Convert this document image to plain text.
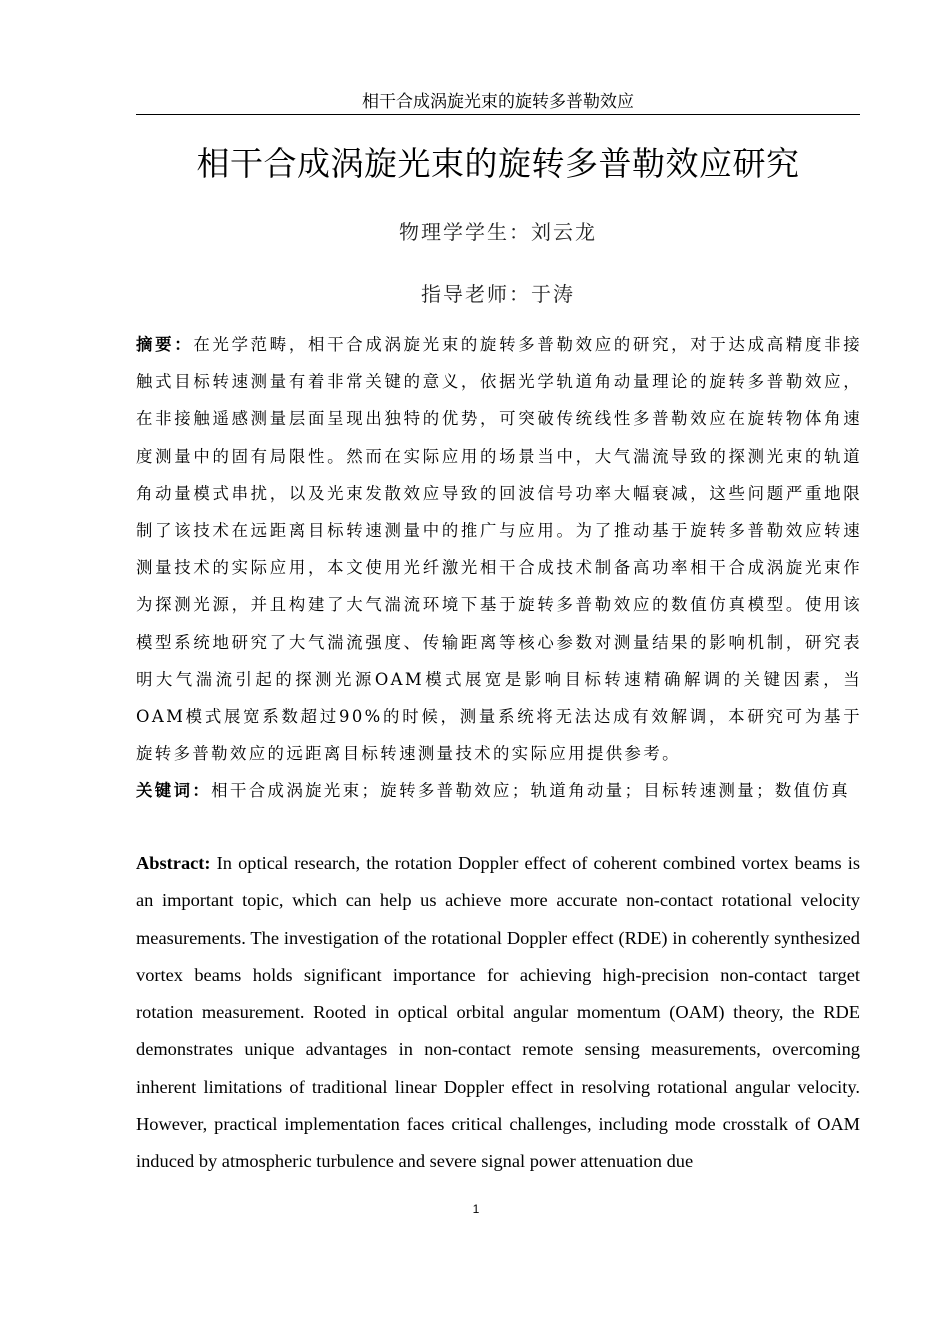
相干合成涡旋光束的旋转多普勒效应
相干合成涡旋光束的旋转多普勒效应研究
物理学学生：刘云龙
指导老师：于涛
摘要：在光学范畴，相干合成涡旋光束的旋转多普勒效应的研究，对于达成高精度非接触式目标转速测量有着非常关键的意义，依据光学轨道角动量理论的旋转多普勒效应，在非接触遥感测量层面呈现出独特的优势，可突破传统线性多普勒效应在旋转物体角速度测量中的固有局限性。然而在实际应用的场景当中，大气湍流导致的探测光束的轨道角动量模式串扰，以及光束发散效应导致的回波信号功率大幅衰减，这些问题严重地限制了该技术在远距离目标转速测量中的推广与应用。为了推动基于旋转多普勒效应转速测量技术的实际应用，本文使用光纤激光相干合成技术制备高功率相干合成涡旋光束作为探测光源，并且构建了大气湍流环境下基于旋转多普勒效应的数值仿真模型。使用该模型系统地研究了大气湍流强度、传输距离等核心参数对测量结果的影响机制，研究表明大气湍流引起的探测光源OAM模式展宽是影响目标转速精确解调的关键因素，当OAM模式展宽系数超过90%的时候，测量系统将无法达成有效解调，本研究可为基于旋转多普勒效应的远距离目标转速测量技术的实际应用提供参考。
关键词：相干合成涡旋光束；旋转多普勒效应；轨道角动量；目标转速测量；数值仿真
Abstract: In optical research, the rotation Doppler effect of coherent combined vortex beams is an important topic, which can help us achieve more accurate non-contact rotational velocity measurements. The investigation of the rotational Doppler effect (RDE) in coherently synthesized vortex beams holds significant importance for achieving high-precision non-contact target rotation measurement. Rooted in optical orbital angular momentum (OAM) theory, the RDE demonstrates unique advantages in non-contact remote sensing measurements, overcoming inherent limitations of traditional linear Doppler effect in resolving rotational angular velocity. However, practical implementation faces critical challenges, including mode crosstalk of OAM induced by atmospheric turbulence and severe signal power attenuation due
1
